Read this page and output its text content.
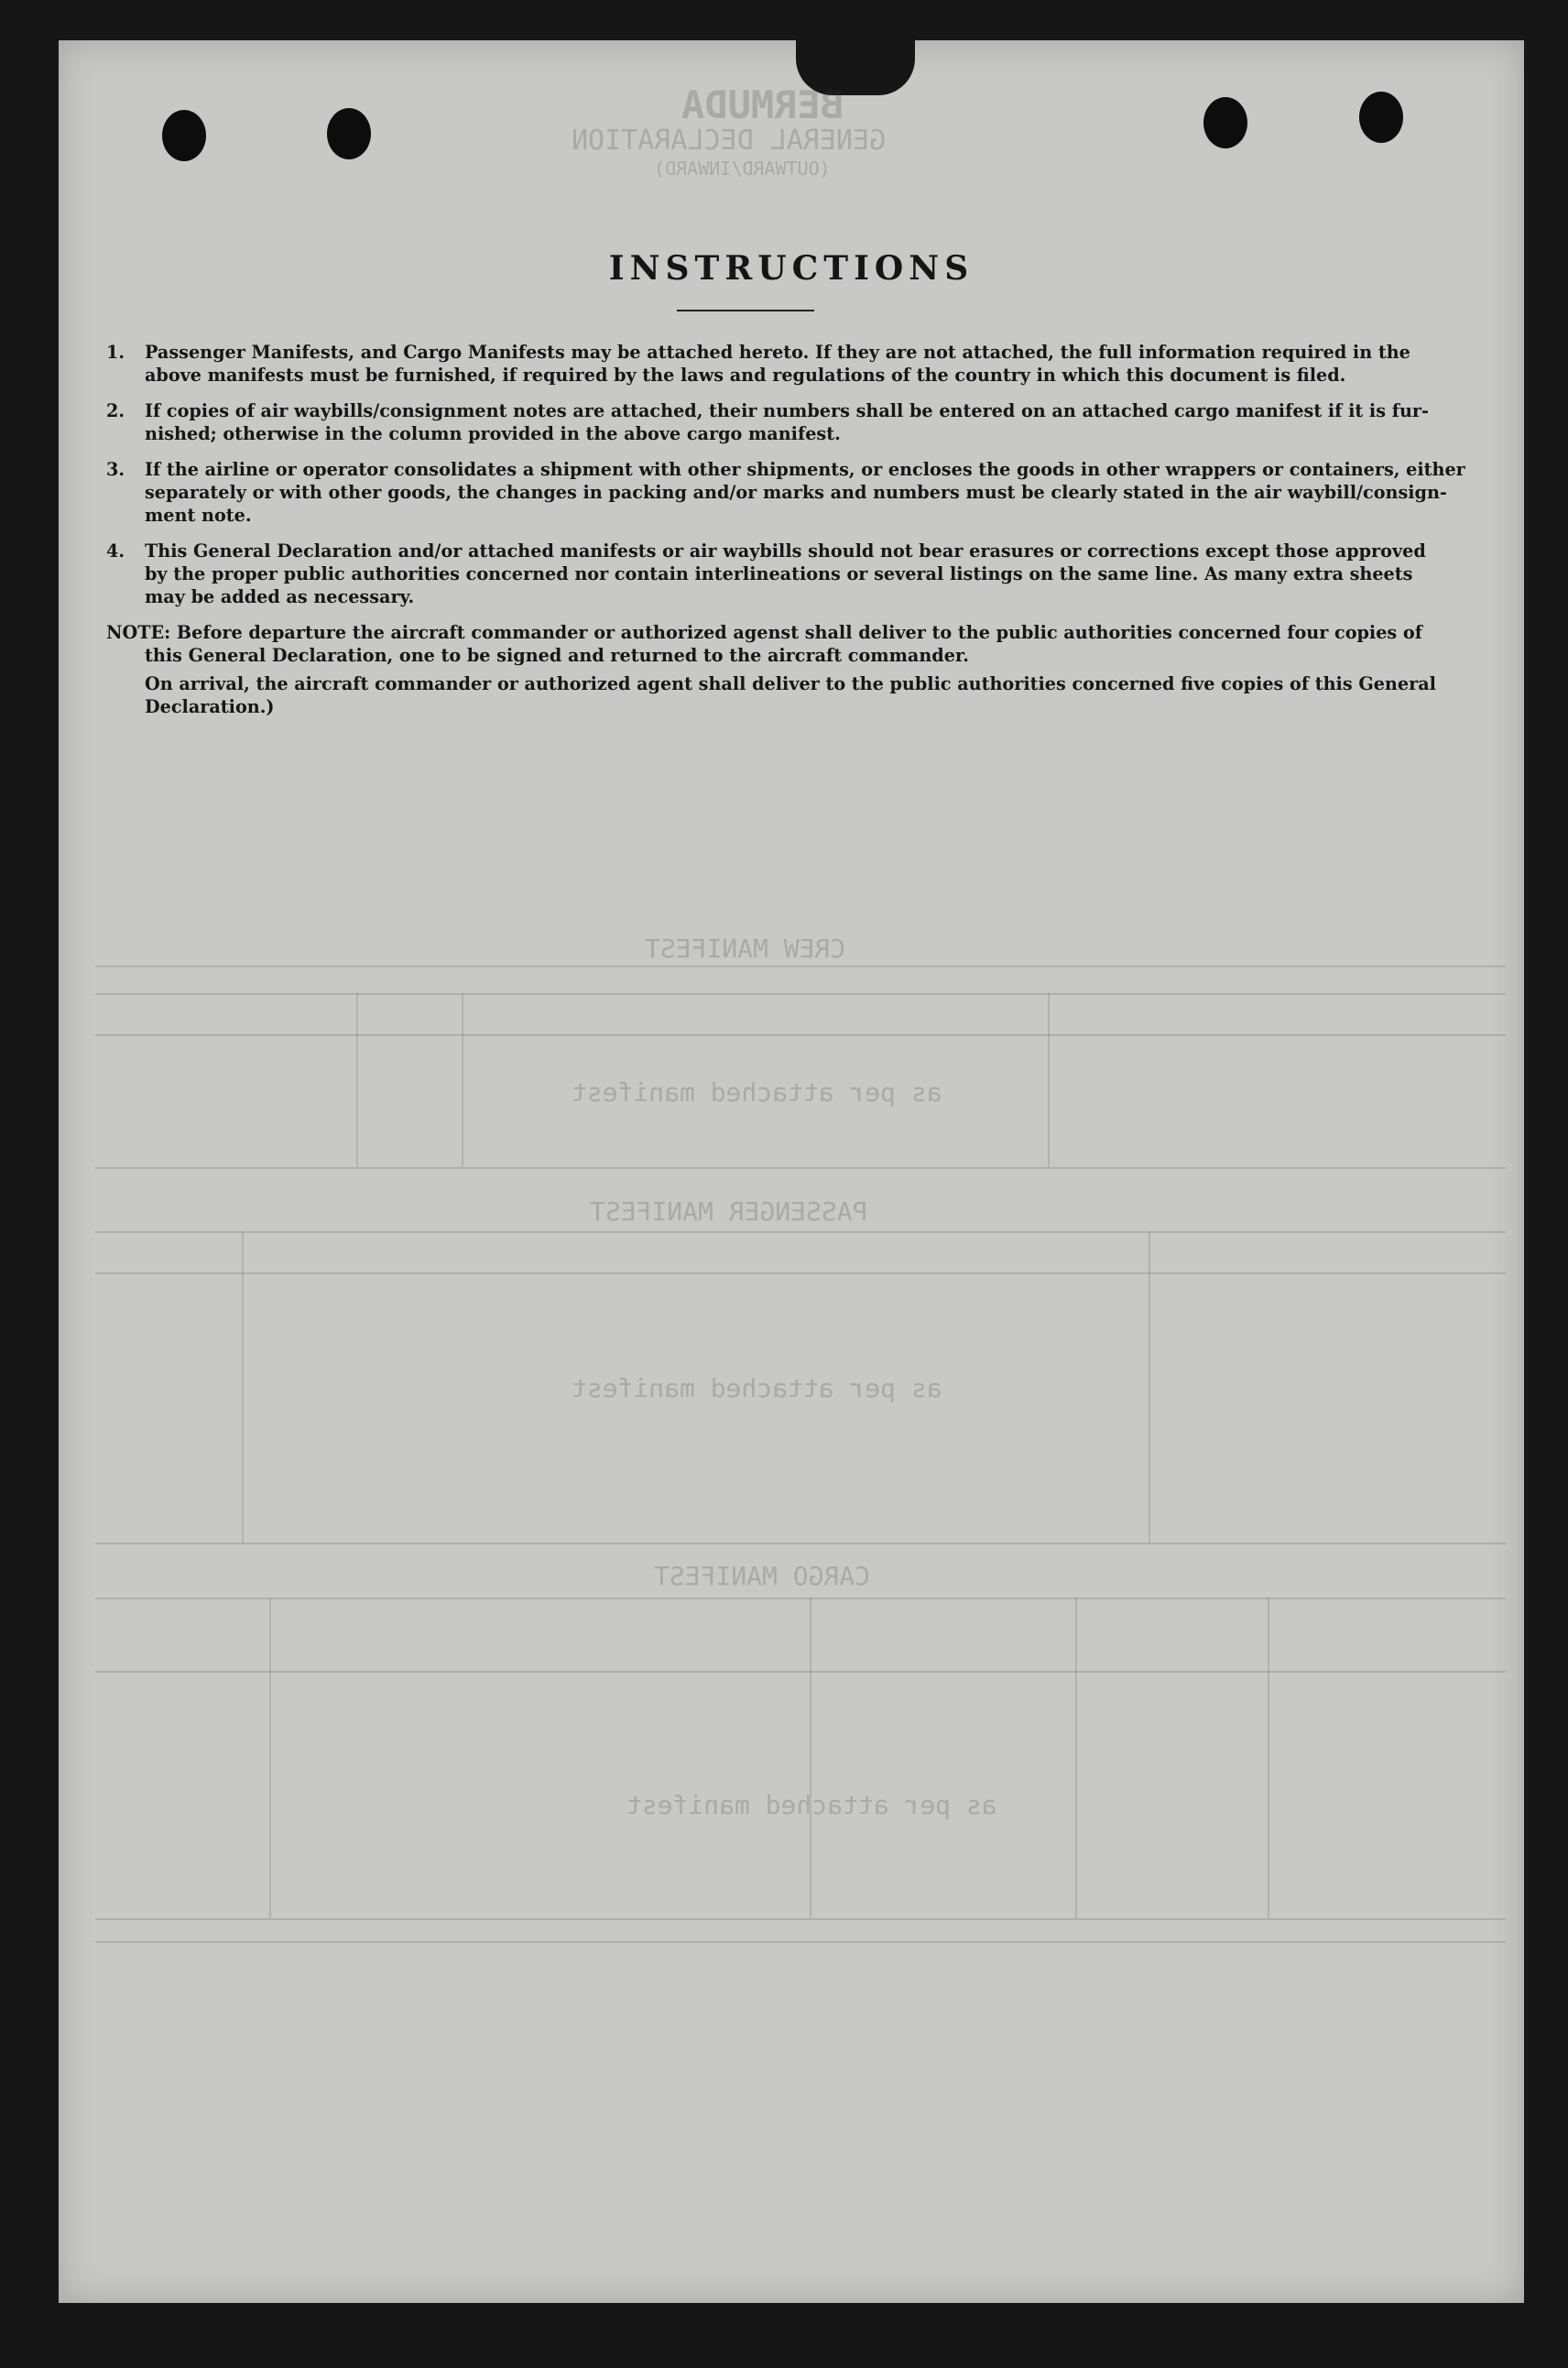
BERMUDA
GENERAL DECLARATION
(OUTWARD/INWARD)
CREW MANIFEST
PASSENGER MANIFEST
CARGO MANIFEST
as per attached manifest
as per attached manifest
as per attached manifest
INSTRUCTIONS
1. Passenger Manifests, and Cargo Manifests may be attached hereto. If they are not attached, the full information required in the
above manifests must be furnished, if required by the laws and regulations of the country in which this document is filed.
2. If copies of air waybills/consignment notes are attached, their numbers shall be entered on an attached cargo manifest if it is fur-
nished; otherwise in the column provided in the above cargo manifest.
3. If the airline or operator consolidates a shipment with other shipments, or encloses the goods in other wrappers or containers, either
separately or with other goods, the changes in packing and/or marks and numbers must be clearly stated in the air waybill/consign-
ment note.
4. This General Declaration and/or attached manifests or air waybills should not bear erasures or corrections except those approved
by the proper public authorities concerned nor contain interlineations or several listings on the same line. As many extra sheets
may be added as necessary.
NOTE: Before departure the aircraft commander or authorized agenst shall deliver to the public authorities concerned four copies of
this General Declaration, one to be signed and returned to the aircraft commander.
On arrival, the aircraft commander or authorized agent shall deliver to the public authorities concerned five copies of this General
Declaration.)
